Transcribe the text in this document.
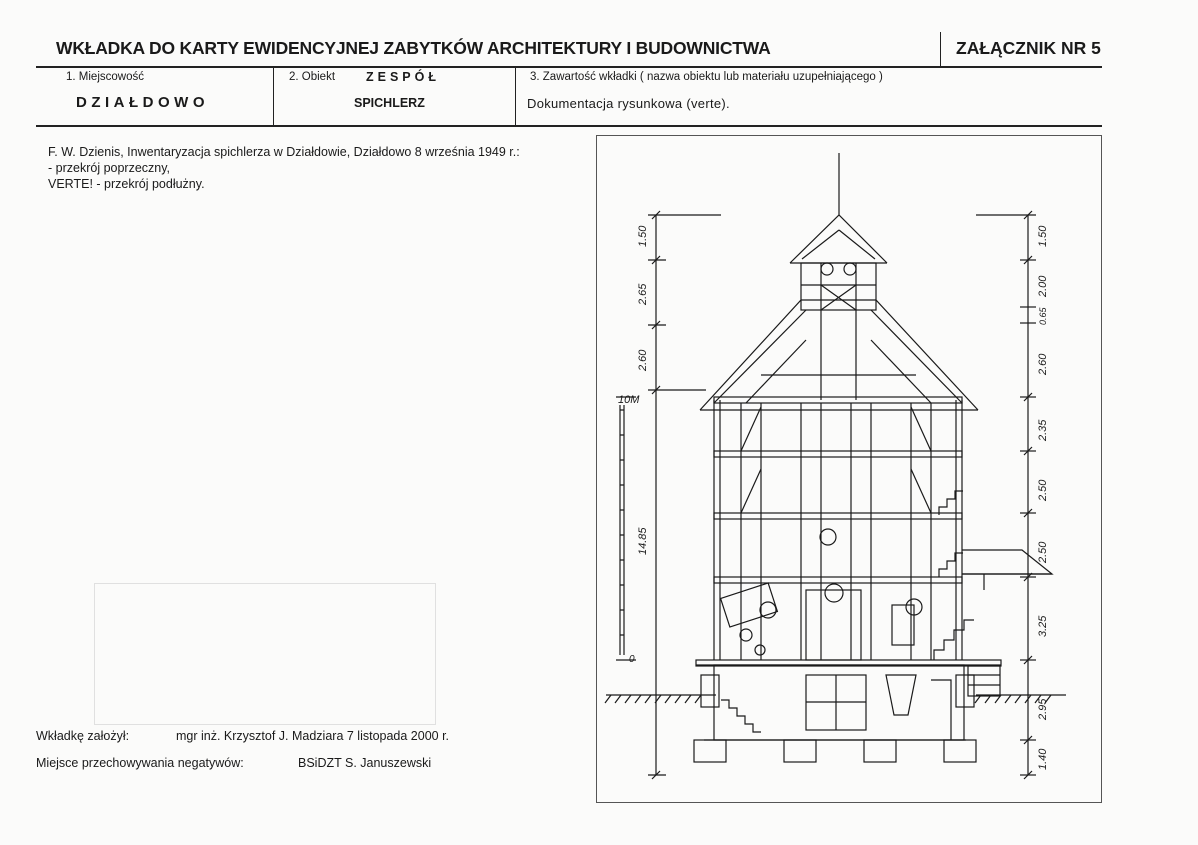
WKŁADKA DO KARTY EWIDENCYJNEJ ZABYTKÓW ARCHITEKTURY I BUDOWNICTWA	ZAŁĄCZNIK NR 5
1. Miejscowość
DZIAŁDOWO
2. Obiekt ZESPÓŁ
SPICHLERZ
3. Zawartość wkładki ( nazwa obiektu lub materiału uzupełniającego )
Dokumentacja rysunkowa (verte).
F. W. Dzienis, Inwentaryzacja spichlerza w Działdowie, Działdowo 8 września 1949 r.:
- przekrój poprzeczny,
VERTE! - przekrój podłużny.
Wkładkę założył:	mgr inż. Krzysztof J. Madziara 7 listopada 2000 r.
Miejsce przechowywania negatywów:	BSiDZT S. Januszewski
10M
0
1.50
2.65
2.60
14.85
1.50
2.00
0.65
2.60
2.35
2.50
2.50
3.25
2.95
1.40
